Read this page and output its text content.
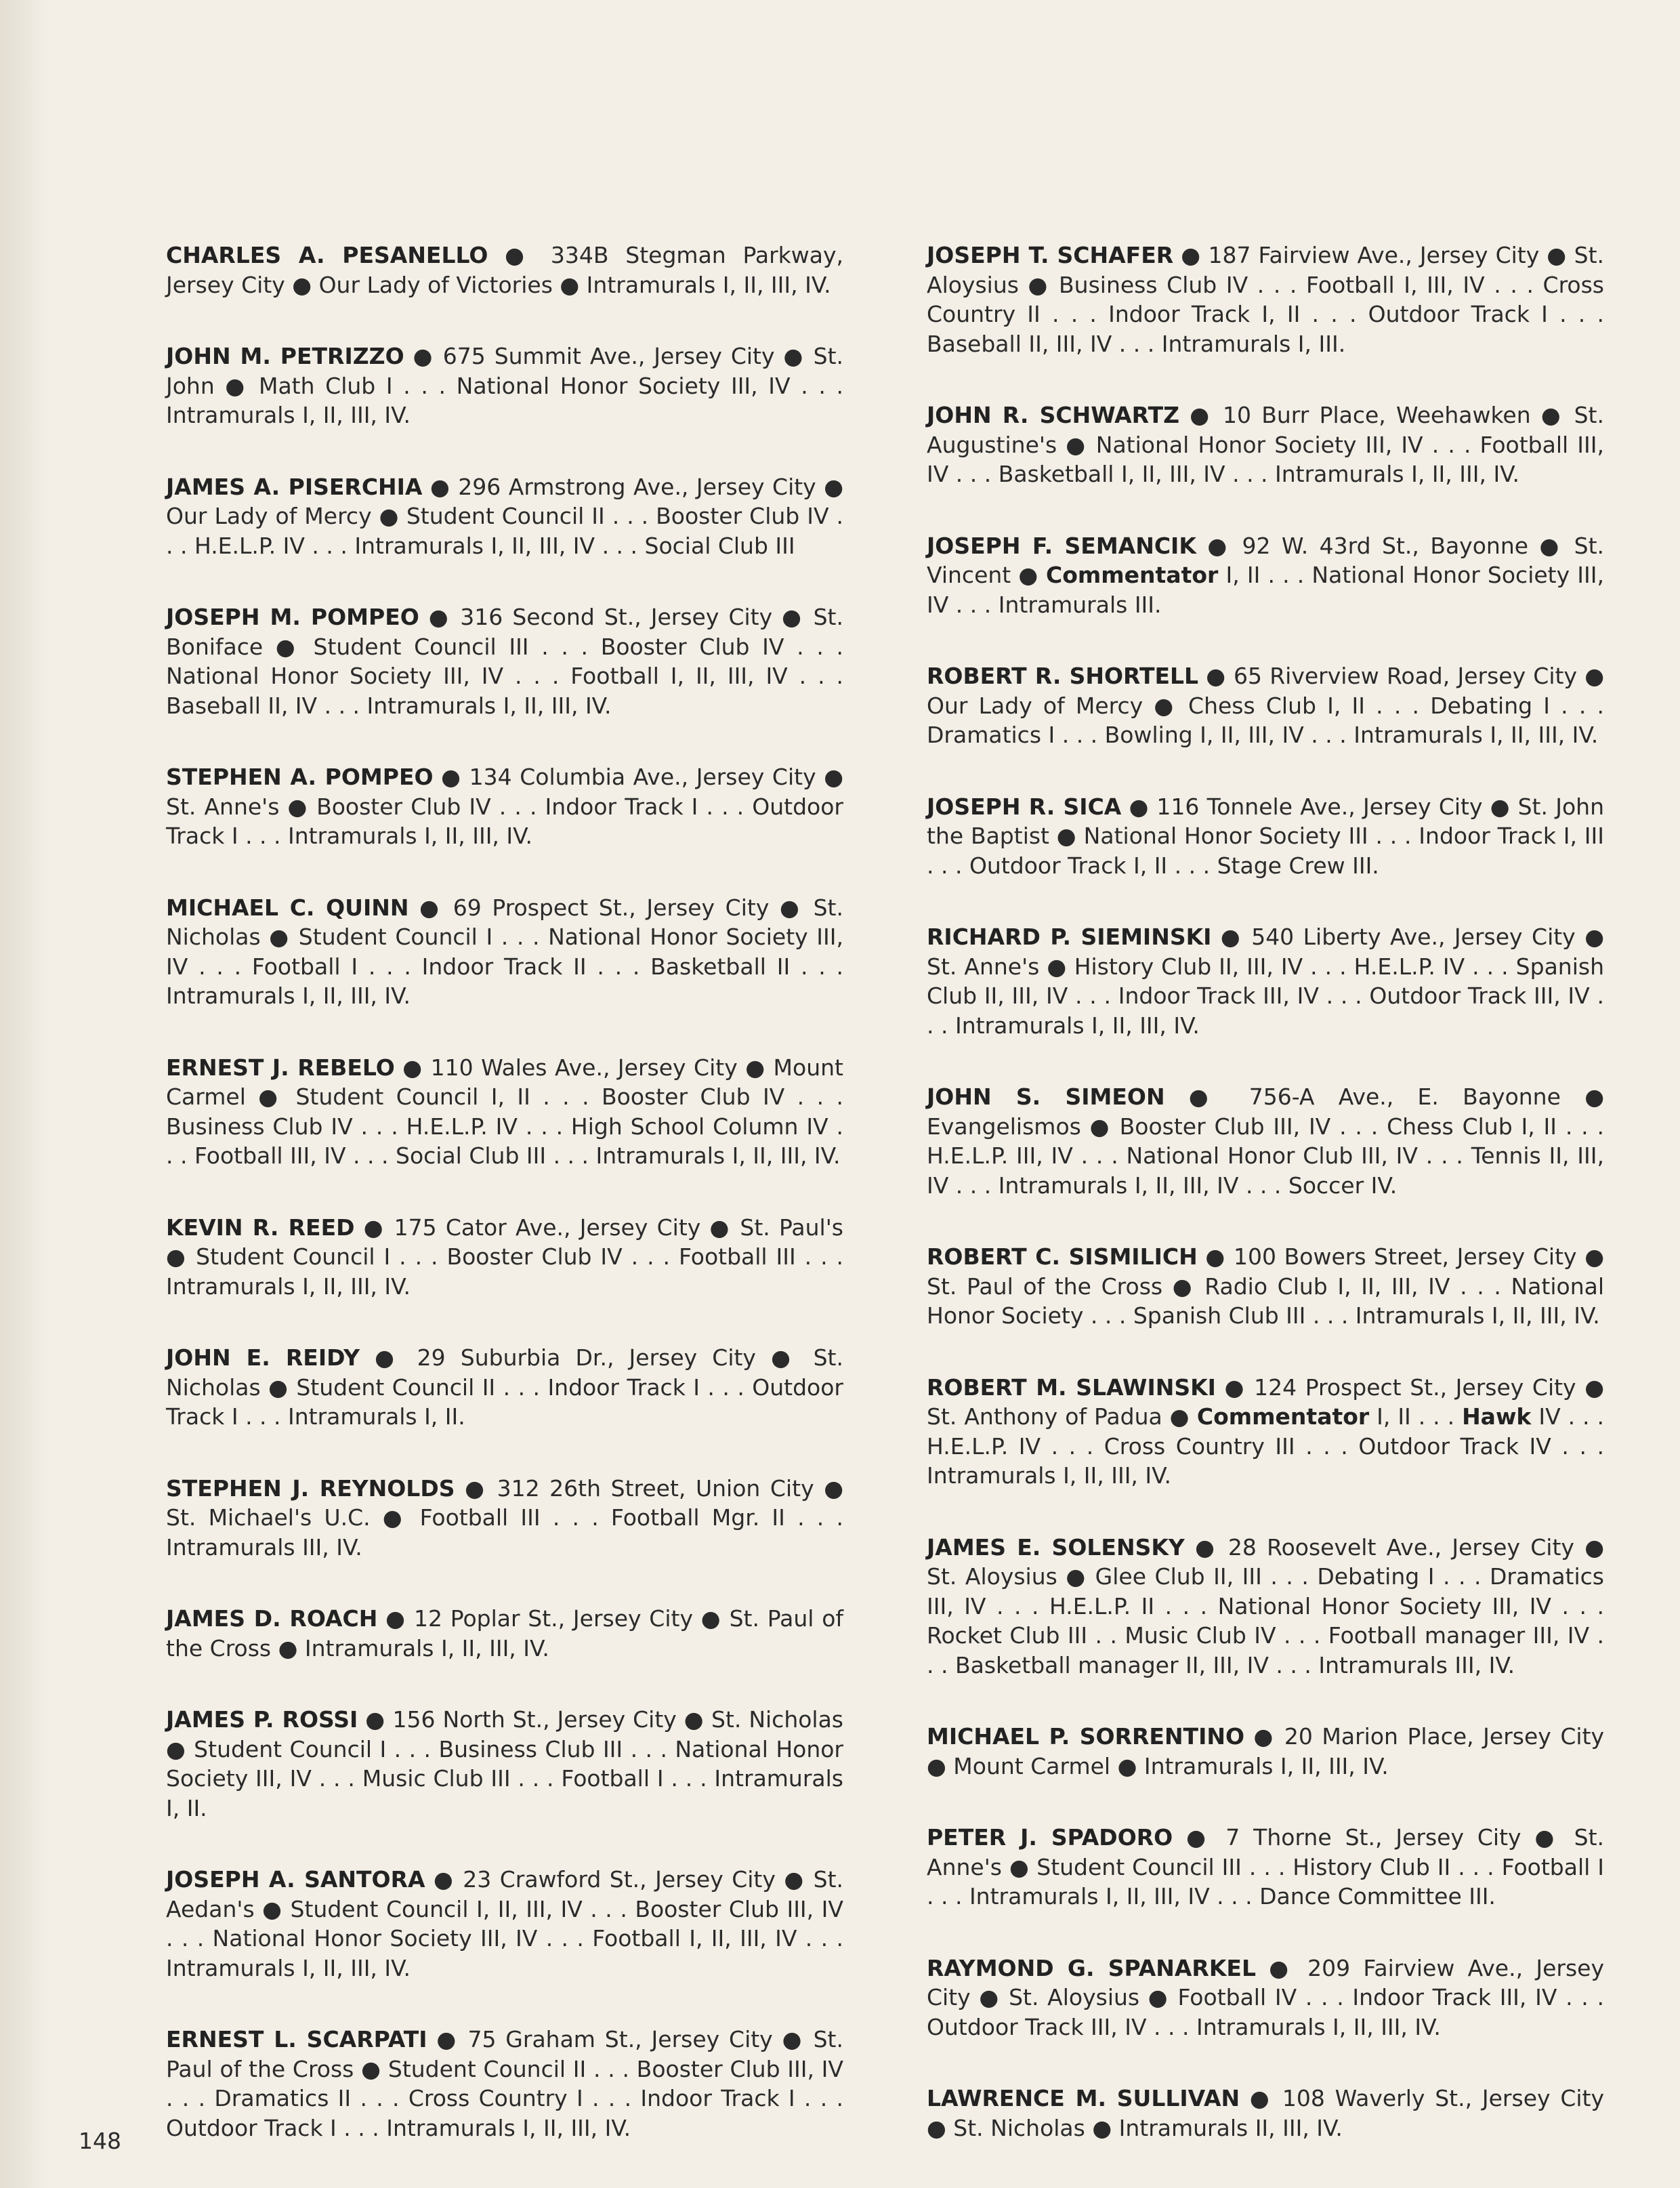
CHARLES A. PESANELLO ● 334B Stegman Parkway, Jersey City ● Our Lady of Victories ● Intramurals I, II, III, IV.

JOHN M. PETRIZZO ● 675 Summit Ave., Jersey City ● St. John ● Math Club I . . . National Honor Society III, IV . . . Intramurals I, II, III, IV.

JAMES A. PISERCHIA ● 296 Armstrong Ave., Jersey City ● Our Lady of Mercy ● Student Council II . . . Booster Club IV . . . H.E.L.P. IV . . . Intramurals I, II, III, IV . . . Social Club III

JOSEPH M. POMPEO ● 316 Second St., Jersey City ● St. Boniface ● Student Council III . . . Booster Club IV . . . National Honor Society III, IV . . . Football I, II, III, IV . . . Baseball II, IV . . . Intramurals I, II, III, IV.

STEPHEN A. POMPEO ● 134 Columbia Ave., Jersey City ● St. Anne's ● Booster Club IV . . . Indoor Track I . . . Outdoor Track I . . . Intramurals I, II, III, IV.

MICHAEL C. QUINN ● 69 Prospect St., Jersey City ● St. Nicholas ● Student Council I . . . National Honor Society III, IV . . . Football I . . . Indoor Track II . . . Basketball II . . . Intramurals I, II, III, IV.

ERNEST J. REBELO ● 110 Wales Ave., Jersey City ● Mount Carmel ● Student Council I, II . . . Booster Club IV . . . Business Club IV . . . H.E.L.P. IV . . . High School Column IV . . . Football III, IV . . . Social Club III . . . Intramurals I, II, III, IV.

KEVIN R. REED ● 175 Cator Ave., Jersey City ● St. Paul's ● Student Council I . . . Booster Club IV . . . Football III . . . Intramurals I, II, III, IV.

JOHN E. REIDY ● 29 Suburbia Dr., Jersey City ● St. Nicholas ● Student Council II . . . Indoor Track I . . . Outdoor Track I . . . Intramurals I, II.

STEPHEN J. REYNOLDS ● 312 26th Street, Union City ● St. Michael's U.C. ● Football III . . . Football Mgr. II . . . Intramurals III, IV.

JAMES D. ROACH ● 12 Poplar St., Jersey City ● St. Paul of the Cross ● Intramurals I, II, III, IV.

JAMES P. ROSSI ● 156 North St., Jersey City ● St. Nicholas ● Student Council I . . . Business Club III . . . National Honor Society III, IV . . . Music Club III . . . Football I . . . Intramurals I, II.

JOSEPH A. SANTORA ● 23 Crawford St., Jersey City ● St. Aedan's ● Student Council I, II, III, IV . . . Booster Club III, IV . . . National Honor Society III, IV . . . Football I, II, III, IV . . . Intramurals I, II, III, IV.

ERNEST L. SCARPATI ● 75 Graham St., Jersey City ● St. Paul of the Cross ● Student Council II . . . Booster Club III, IV . . . Dramatics II . . . Cross Country I . . . Indoor Track I . . . Outdoor Track I . . . Intramurals I, II, III, IV.

JOSEPH T. SCHAFER ● 187 Fairview Ave., Jersey City ● St. Aloysius ● Business Club IV . . . Football I, III, IV . . . Cross Country II . . . Indoor Track I, II . . . Outdoor Track I . . . Baseball II, III, IV . . . Intramurals I, III.

JOHN R. SCHWARTZ ● 10 Burr Place, Weehawken ● St. Augustine's ● National Honor Society III, IV . . . Football III, IV . . . Basketball I, II, III, IV . . . Intramurals I, II, III, IV.

JOSEPH F. SEMANCIK ● 92 W. 43rd St., Bayonne ● St. Vincent ● Commentator I, II . . . National Honor Society III, IV . . . Intramurals III.

ROBERT R. SHORTELL ● 65 Riverview Road, Jersey City ● Our Lady of Mercy ● Chess Club I, II . . . Debating I . . . Dramatics I . . . Bowling I, II, III, IV . . . Intramurals I, II, III, IV.

JOSEPH R. SICA ● 116 Tonnele Ave., Jersey City ● St. John the Baptist ● National Honor Society III . . . Indoor Track I, III . . . Outdoor Track I, II . . . Stage Crew III.

RICHARD P. SIEMINSKI ● 540 Liberty Ave., Jersey City ● St. Anne's ● History Club II, III, IV . . . H.E.L.P. IV . . . Spanish Club II, III, IV . . . Indoor Track III, IV . . . Outdoor Track III, IV . . . Intramurals I, II, III, IV.

JOHN S. SIMEON ● 756-A Ave., E. Bayonne ● Evangelismos ● Booster Club III, IV . . . Chess Club I, II . . . H.E.L.P. III, IV . . . National Honor Club III, IV . . . Tennis II, III, IV . . . Intramurals I, II, III, IV . . . Soccer IV.

ROBERT C. SISMILICH ● 100 Bowers Street, Jersey City ● St. Paul of the Cross ● Radio Club I, II, III, IV . . . National Honor Society . . . Spanish Club III . . . Intramurals I, II, III, IV.

ROBERT M. SLAWINSKI ● 124 Prospect St., Jersey City ● St. Anthony of Padua ● Commentator I, II . . . Hawk IV . . . H.E.L.P. IV . . . Cross Country III . . . Outdoor Track IV . . . Intramurals I, II, III, IV.

JAMES E. SOLENSKY ● 28 Roosevelt Ave., Jersey City ● St. Aloysius ● Glee Club II, III . . . Debating I . . . Dramatics III, IV . . . H.E.L.P. II . . . National Honor Society III, IV . . . Rocket Club III . . Music Club IV . . . Football manager III, IV . . . Basketball manager II, III, IV . . . Intramurals III, IV.

MICHAEL P. SORRENTINO ● 20 Marion Place, Jersey City ● Mount Carmel ● Intramurals I, II, III, IV.

PETER J. SPADORO ● 7 Thorne St., Jersey City ● St. Anne's ● Student Council III . . . History Club II . . . Football I . . . Intramurals I, II, III, IV . . . Dance Committee III.

RAYMOND G. SPANARKEL ● 209 Fairview Ave., Jersey City ● St. Aloysius ● Football IV . . . Indoor Track III, IV . . . Outdoor Track III, IV . . . Intramurals I, II, III, IV.

LAWRENCE M. SULLIVAN ● 108 Waverly St., Jersey City ● St. Nicholas ● Intramurals II, III, IV.

148
